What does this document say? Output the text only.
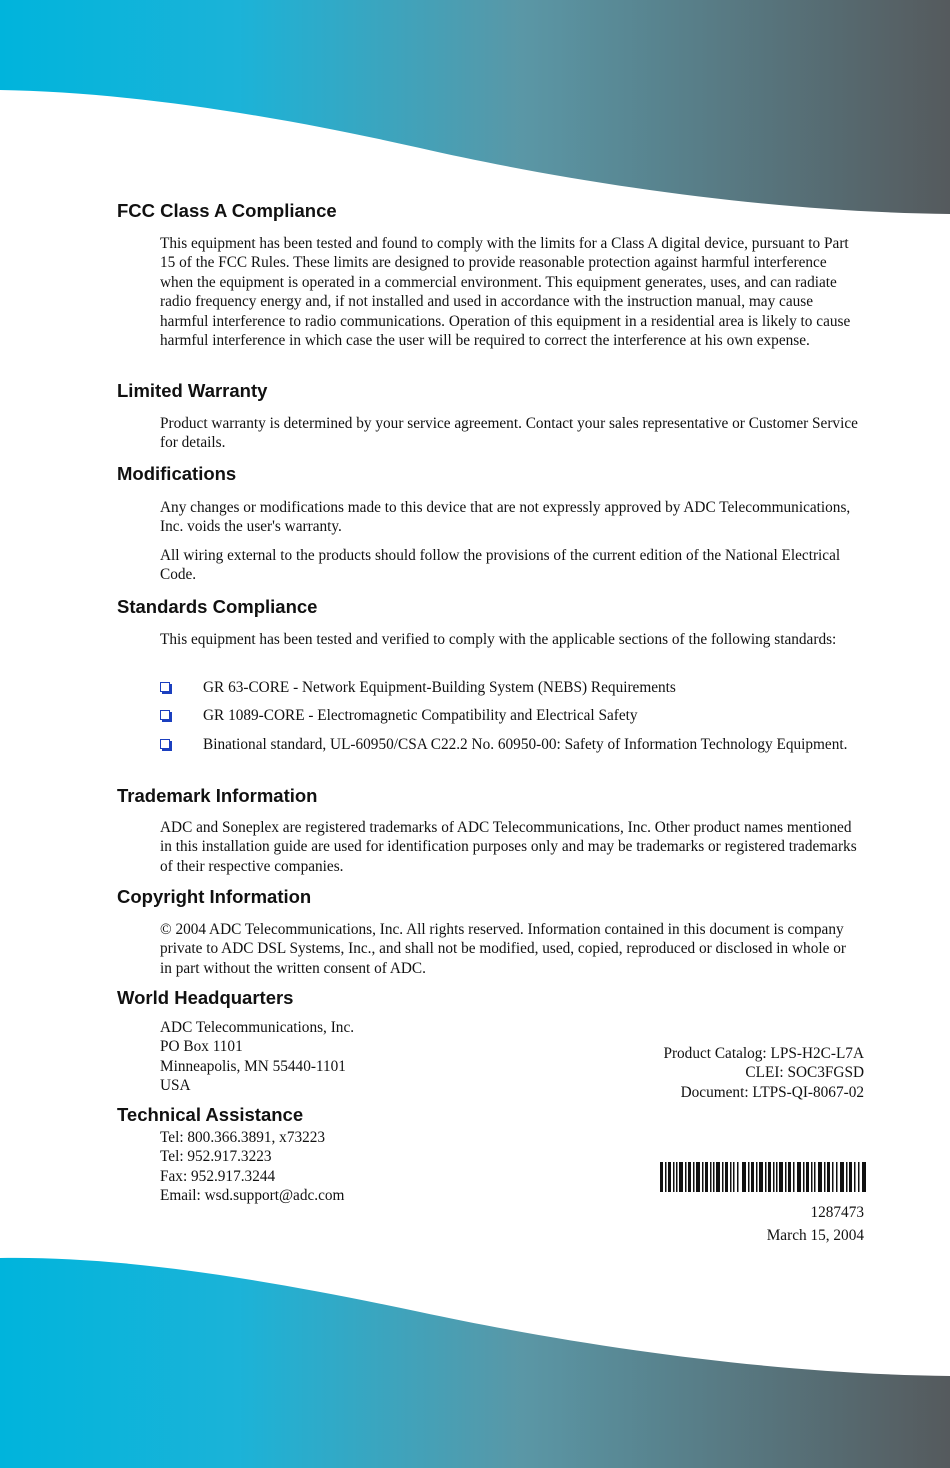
FCC Class A Compliance

This equipment has been tested and found to comply with the limits for a Class A digital device, pursuant to Part 15 of the FCC Rules. These limits are designed to provide reasonable protection against harmful interference when the equipment is operated in a commercial environment. This equipment generates, uses, and can radiate radio frequency energy and, if not installed and used in accordance with the instruction manual, may cause harmful interference to radio communications. Operation of this equipment in a residential area is likely to cause harmful interference in which case the user will be required to correct the interference at his own expense.

Limited Warranty

Product warranty is determined by your service agreement. Contact your sales representative or Customer Service for details.

Modifications

Any changes or modifications made to this device that are not expressly approved by ADC Telecommunications, Inc. voids the user's warranty.

All wiring external to the products should follow the provisions of the current edition of the National Electrical Code.

Standards Compliance

This equipment has been tested and verified to comply with the applicable sections of the following standards:

GR 63-CORE - Network Equipment-Building System (NEBS) Requirements
GR 1089-CORE - Electromagnetic Compatibility and Electrical Safety
Binational standard, UL-60950/CSA C22.2 No. 60950-00: Safety of Information Technology Equipment.
Trademark Information

ADC and Soneplex are registered trademarks of ADC Telecommunications, Inc. Other product names mentioned in this installation guide are used for identification purposes only and may be trademarks or registered trademarks of their respective companies.

Copyright Information

© 2004 ADC Telecommunications, Inc. All rights reserved. Information contained in this document is company private to ADC DSL Systems, Inc., and shall not be modified, used, copied, reproduced or disclosed in whole or in part without the written consent of ADC.

World Headquarters
ADC Telecommunications, Inc.
PO Box 1101
Minneapolis, MN 55440-1101
USA
Technical Assistance
Tel: 800.366.3891, x73223
Tel: 952.917.3223
Fax: 952.917.3244
Email: wsd.support@adc.com
Product Catalog: LPS-H2C-L7A
CLEI: SOC3FGSD
Document: LTPS-QI-8067-02
1287473
March 15, 2004
